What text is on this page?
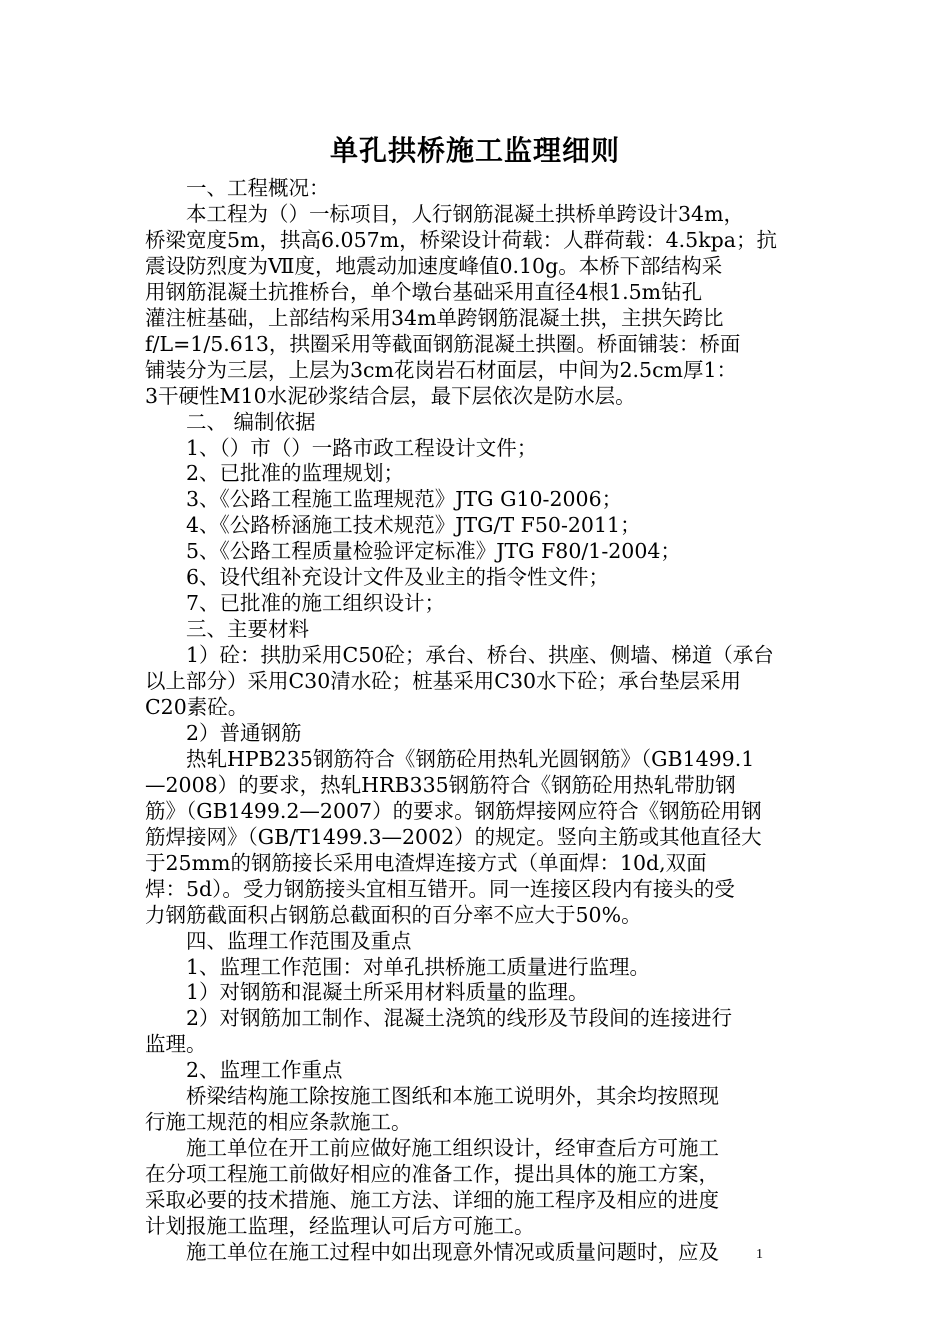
单孔拱桥施工监理细则
　　一、工程概况：
　　本工程为（）一标项目，人行钢筋混凝土拱桥单跨设计34m，
桥梁宽度5m，拱高6.057m，桥梁设计荷载：人群荷载：4.5kpa；抗
震设防烈度为Ⅶ度，地震动加速度峰值0.10g。本桥下部结构采
用钢筋混凝土抗推桥台，单个墩台基础采用直径4根1.5m钻孔
灌注桩基础，上部结构采用34m单跨钢筋混凝土拱，主拱矢跨比
f/L=1/5.613，拱圈采用等截面钢筋混凝土拱圈。桥面铺装：桥面
铺装分为三层，上层为3cm花岗岩石材面层，中间为2.5cm厚1：
3干硬性M10水泥砂浆结合层，最下层依次是防水层。
　　二、 编制依据
　　1、（）市（）一路市政工程设计文件；
　　2、已批准的监理规划；
　　3、《公路工程施工监理规范》JTG G10-2006；
　　4、《公路桥涵施工技术规范》JTG/T F50-2011；
　　5、《公路工程质量检验评定标准》JTG F80/1-2004；
　　6、设代组补充设计文件及业主的指令性文件；
　　7、已批准的施工组织设计；
　　三、主要材料
　　1）砼：拱肋采用C50砼；承台、桥台、拱座、侧墙、梯道（承台
以上部分）采用C30清水砼；桩基采用C30水下砼；承台垫层采用
C20素砼。
　　2）普通钢筋
　　热轧HPB235钢筋符合《钢筋砼用热轧光圆钢筋》（GB1499.1
—2008）的要求，热轧HRB335钢筋符合《钢筋砼用热轧带肋钢
筋》（GB1499.2—2007）的要求。钢筋焊接网应符合《钢筋砼用钢
筋焊接网》（GB/T1499.3—2002）的规定。竖向主筋或其他直径大
于25mm的钢筋接长采用电渣焊连接方式（单面焊：10d,双面
焊：5d）。受力钢筋接头宜相互错开。同一连接区段内有接头的受
力钢筋截面积占钢筋总截面积的百分率不应大于50%。
　　四、监理工作范围及重点
　　1、监理工作范围：对单孔拱桥施工质量进行监理。
　　1）对钢筋和混凝土所采用材料质量的监理。
　　2）对钢筋加工制作、混凝土浇筑的线形及节段间的连接进行
监理。
　　2、监理工作重点
　　桥梁结构施工除按施工图纸和本施工说明外，其余均按照现
行施工规范的相应条款施工。
　　施工单位在开工前应做好施工组织设计，经审查后方可施工
在分项工程施工前做好相应的准备工作，提出具体的施工方案，
采取必要的技术措施、施工方法、详细的施工程序及相应的进度
计划报施工监理，经监理认可后方可施工。
　　施工单位在施工过程中如出现意外情况或质量问题时，应及	1
